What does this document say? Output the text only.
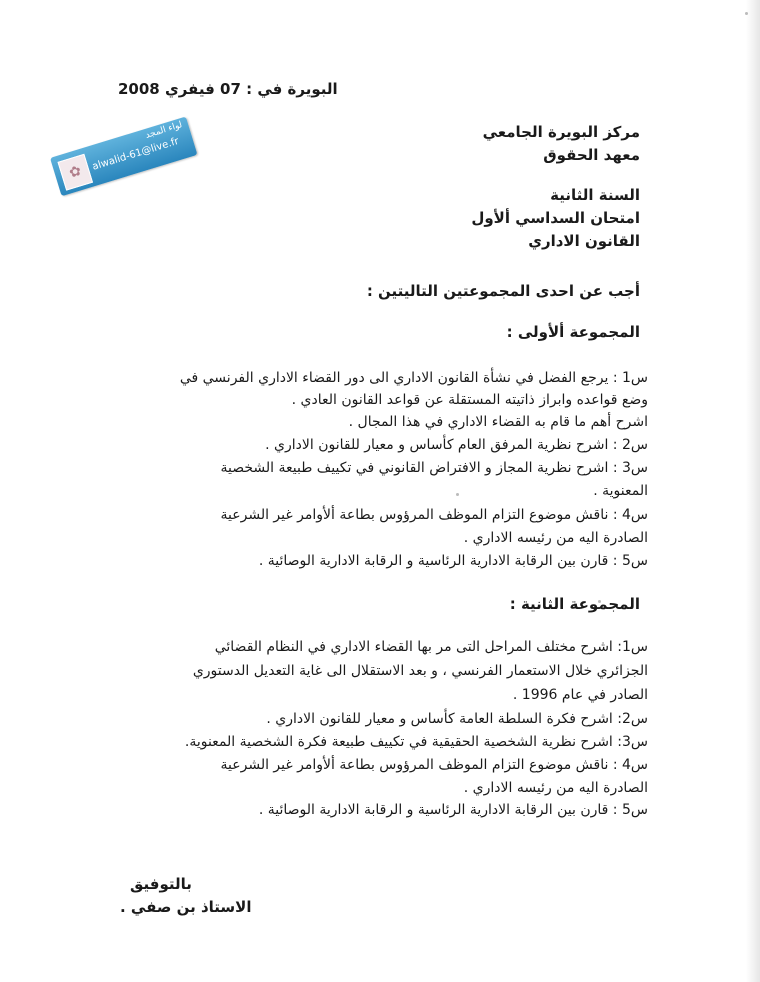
البويرة في : 07 فيفري 2008
مركز البويرة الجامعي
معهد الحقوق
✿
لواء المجد
alwalid-61@live.fr
السنة الثانية
امتحان السداسي ألأول
القانون الاداري
أجب عن احدى المجموعتين التاليتين :
المجموعة ألأولى :
س1 : يرجع الفضل في نشأة القانون الاداري الى دور القضاء الاداري الفرنسي في
وضع قواعده وابراز ذاتيته المستقلة عن قواعد القانون العادي .
اشرح أهم ما قام به القضاء الاداري في هذا المجال .
س2 : اشرح نظرية المرفق العام كأساس و معيار للقانون الاداري .
س3 : اشرح نظرية المجاز و الافتراض القانوني في تكييف طبيعة الشخصية
المعنوية .
س4 : ناقش موضوع التزام الموظف المرؤوس بطاعة ألأوامر غير الشرعية
الصادرة اليه من رئيسه الاداري .
س5 : قارن بين الرقابة الادارية الرئاسية و الرقابة الادارية الوصائية .
المجموعة الثانية :
س1: اشرح مختلف المراحل التى مر بها القضاء الاداري في النظام القضائي
الجزائري خلال الاستعمار الفرنسي ، و بعد الاستقلال الى غاية التعديل الدستوري
الصادر في عام 1996 .
س2: اشرح فكرة السلطة العامة كأساس و معيار للقانون الاداري .
س3: اشرح نظرية الشخصية الحقيقية في تكييف طبيعة فكرة الشخصية المعنوية.
س4 : ناقش موضوع التزام الموظف المرؤوس بطاعة ألأوامر غير الشرعية
الصادرة اليه من رئيسه الاداري .
س5 : قارن بين الرقابة الادارية الرئاسية و الرقابة الادارية الوصائية .
بالتوفيق
الاستاذ بن صفي .
